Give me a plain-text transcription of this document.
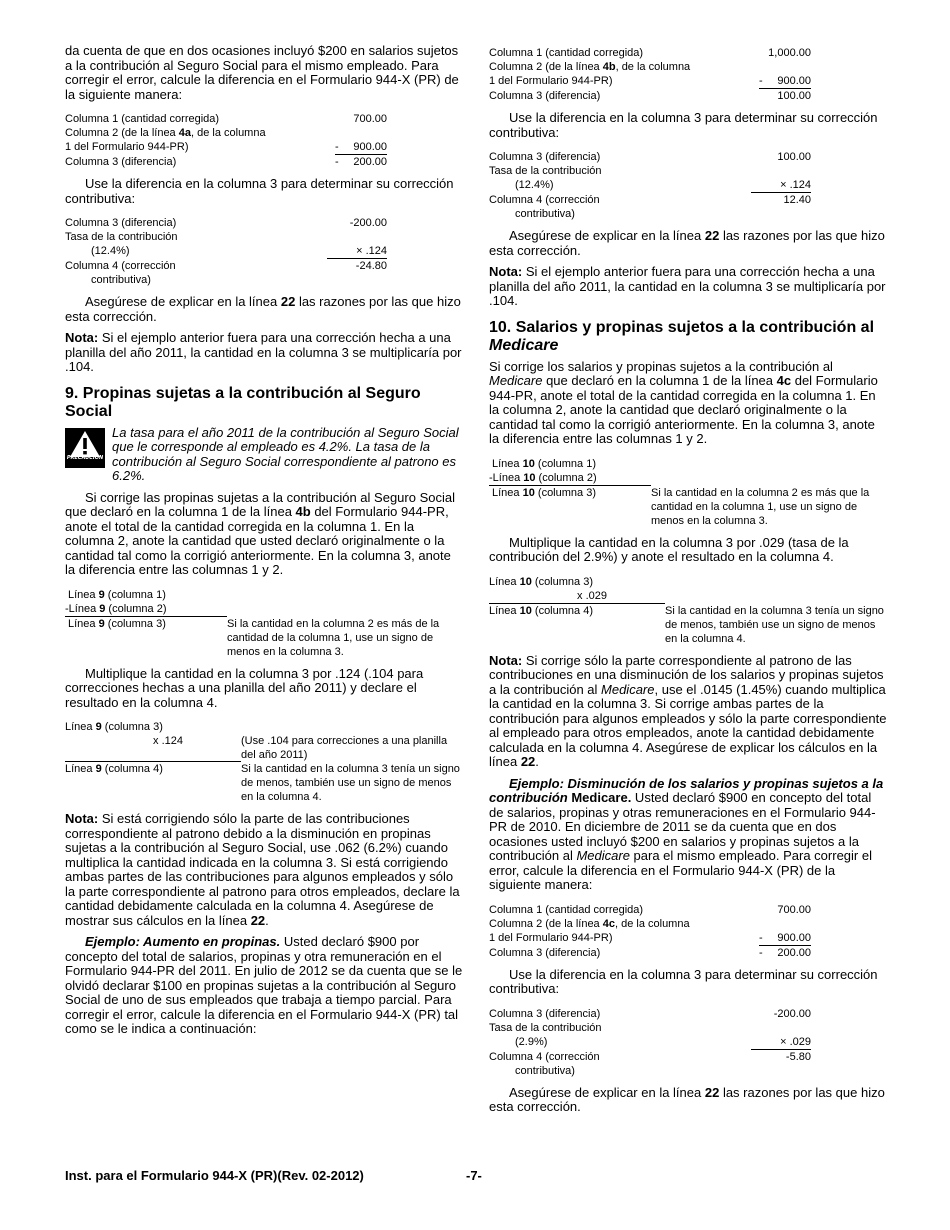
da cuenta de que en dos ocasiones incluyó $200 en salarios sujetos a la contribución al Seguro Social para el mismo empleado. Para corregir el error, calcule la diferencia en el Formulario 944-X (PR) de la siguiente manera:

Columna 1 (cantidad corregida)	700.00
Columna 2 (de la línea 4a, de la columna
1 del Formulario 944-PR)	- 900.00
Columna 3 (diferencia)	- 200.00

Use la diferencia en la columna 3 para determinar su corrección contributiva:

Columna 3 (diferencia)	-200.00
Tasa de la contribución
(12.4%)	× .124
Columna 4 (corrección	-24.80
contributiva)

Asegúrese de explicar en la línea 22 las razones por las que hizo esta corrección.

Nota: Si el ejemplo anterior fuera para una corrección hecha a una planilla del año 2011, la cantidad en la columna 3 se multiplicaría por .104.

9. Propinas sujetas a la contribución al Seguro Social
PRECAUCION
La tasa para el año 2011 de la contribución al Seguro Social que le corresponde al empleado es 4.2%. La tasa de la contribución al Seguro Social correspondiente al patrono es 6.2%.

Si corrige las propinas sujetas a la contribución al Seguro Social que declaró en la columna 1 de la línea 4b del Formulario 944-PR, anote el total de la cantidad corregida en la columna 1. En la columna 2, anote la cantidad que usted declaró originalmente o la cantidad tal como la corrigió anteriormente. En la columna 3, anote la diferencia entre las columnas 1 y 2.

Línea 9 (columna 1)
-Línea 9 (columna 2)
Línea 9 (columna 3)	Si la cantidad en la columna 2 es más de la cantidad de la columna 1, use un signo de menos en la columna 3.

Multiplique la cantidad en la columna 3 por .124 (.104 para correcciones hechas a una planilla del año 2011) y declare el resultado en la columna 4.

Línea 9 (columna 3)
x .124	(Use .104 para correcciones a una planilla del año 2011)
Línea 9 (columna 4)	Si la cantidad en la columna 3 tenía un signo de menos, también use un signo de menos en la columna 4.

Nota: Si está corrigiendo sólo la parte de las contribuciones correspondiente al patrono debido a la disminución en propinas sujetas a la contribución al Seguro Social, use .062 (6.2%) cuando multiplica la cantidad indicada en la columna 3. Si está corrigiendo ambas partes de las contribuciones para algunos empleados y sólo la parte correspondiente al patrono para otros empleados, declare la cantidad debidamente calculada en la columna 4. Asegúrese de mostrar sus cálculos en la línea 22.

Ejemplo: Aumento en propinas. Usted declaró $900 por concepto del total de salarios, propinas y otra remuneración en el Formulario 944-PR del 2011. En julio de 2012 se da cuenta que se le olvidó declarar $100 en propinas sujetas a la contribución al Seguro Social de uno de sus empleados que trabaja a tiempo parcial. Para corregir el error, calcule la diferencia en el Formulario 944-X (PR) tal como se le indica a continuación:

Columna 1 (cantidad corregida)	1,000.00
Columna 2 (de la línea 4b, de la columna
1 del Formulario 944-PR)	- 900.00
Columna 3 (diferencia)	100.00

Use la diferencia en la columna 3 para determinar su corrección contributiva:

Columna 3 (diferencia)	100.00
Tasa de la contribución
(12.4%)	× .124
Columna 4 (corrección	12.40
contributiva)

Asegúrese de explicar en la línea 22 las razones por las que hizo esta corrección.

Nota: Si el ejemplo anterior fuera para una corrección hecha a una planilla del año 2011, la cantidad en la columna 3 se multiplicaría por .104.

10. Salarios y propinas sujetos a la contribución al Medicare

Si corrige los salarios y propinas sujetos a la contribución al Medicare que declaró en la columna 1 de la línea 4c del Formulario 944-PR, anote el total de la cantidad corregida en la columna 1. En la columna 2, anote la cantidad que declaró originalmente o la cantidad tal como la corrigió anteriormente. En la columna 3, anote la diferencia entre las columnas 1 y 2.

Línea 10 (columna 1)
-Línea 10 (columna 2)
Línea 10 (columna 3)	Si la cantidad en la columna 2 es más que la cantidad en la columna 1, use un signo de menos en la columna 3.

Multiplique la cantidad en la columna 3 por .029 (tasa de la contribución del 2.9%) y anote el resultado en la columna 4.

Línea 10 (columna 3)
x .029
Línea 10 (columna 4)	Si la cantidad en la columna 3 tenía un signo de menos, también use un signo de menos en la columna 4.

Nota: Si corrige sólo la parte correspondiente al patrono de las contribuciones en una disminución de los salarios y propinas sujetos a la contribución al Medicare, use el .0145 (1.45%) cuando multiplica la cantidad en la columna 3. Si corrige ambas partes de la contribución para algunos empleados y sólo la parte correspondiente al empleado para otros empleados, anote la cantidad debidamente calculada en la columna 4. Asegúrese de explicar los cálculos en la línea 22.

Ejemplo: Disminución de los salarios y propinas sujetos a la contribución Medicare. Usted declaró $900 en concepto del total de salarios, propinas y otras remuneraciones en el Formulario 944-PR de 2010. En diciembre de 2011 se da cuenta que en dos ocasiones usted incluyó $200 en salarios y propinas sujetos a la contribución al Medicare para el mismo empleado. Para corregir el error, calcule la diferencia en el Formulario 944-X (PR) de la siguiente manera:

Columna 1 (cantidad corregida)	700.00
Columna 2 (de la línea 4c, de la columna
1 del Formulario 944-PR)	- 900.00
Columna 3 (diferencia)	- 200.00

Use la diferencia en la columna 3 para determinar su corrección contributiva:

Columna 3 (diferencia)	-200.00
Tasa de la contribución
(2.9%)	× .029
Columna 4 (corrección	-5.80
contributiva)

Asegúrese de explicar en la línea 22 las razones por las que hizo esta corrección.

Inst. para el Formulario 944-X (PR)(Rev. 02-2012)	-7-
